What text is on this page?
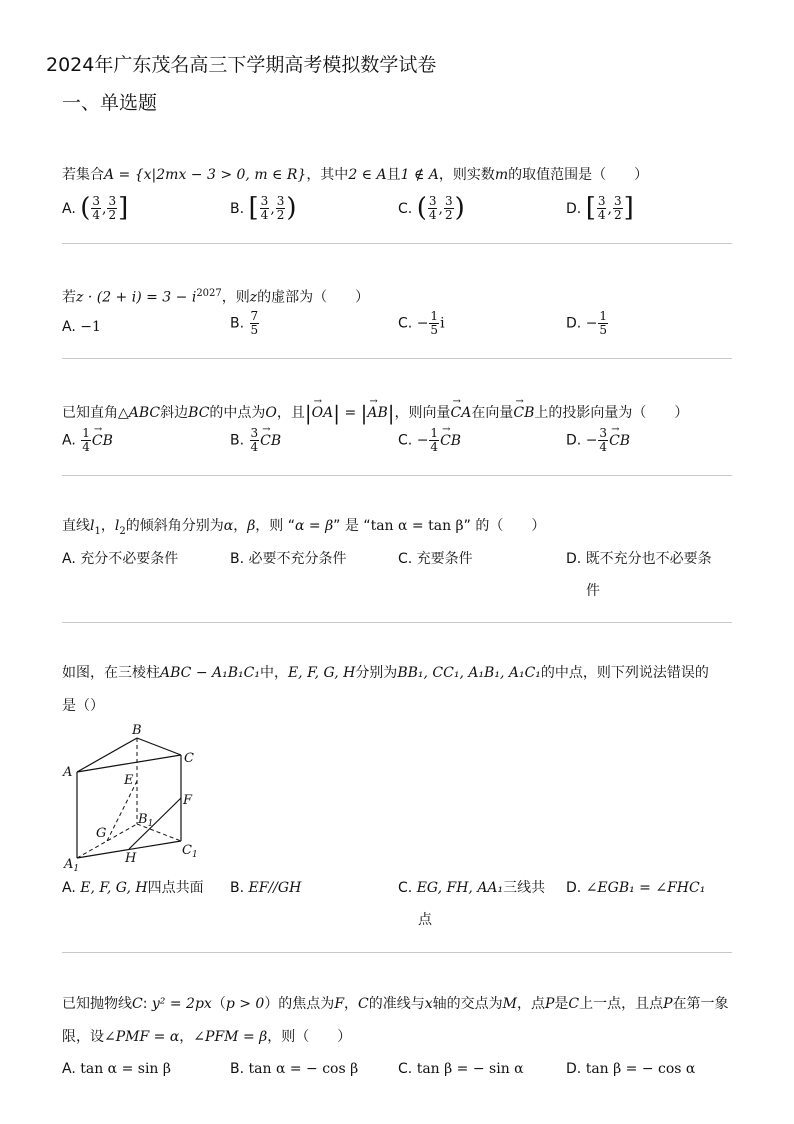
2024年广东茂名高三下学期高考模拟数学试卷
一、单选题
若集合A = {x|2mx − 3 > 0, m ∈ R}，其中2 ∈ A且1 ∉ A，则实数m的取值范围是（　　）
A. ( $\frac{3}{4}$ , $\frac{3}{2}$ ]	B. [ $\frac{3}{4}$ , $\frac{3}{2}$ )	C. ( $\frac{3}{4}$ , $\frac{3}{2}$ )	D. [ $\frac{3}{4}$ , $\frac{3}{2}$ ]
若$z \cdot (2 + i) = 3 - i^{2027}$，则z的虚部为（　　）
A. −1	B. $\frac{7}{5}$	C. − $\frac{1}{5}$ i	D. − $\frac{1}{5}$
已知直角△ABC斜边BC的中点为O，且|→ OA| = |→ AB|，则向量→ CA在向量→ CB上的投影向量为（　　）
A. $\frac{1}{4}$ → CB	B. $\frac{3}{4}$ → CB	C. − $\frac{1}{4}$ → CB	D. − $\frac{3}{4}$ → CB
直线$l_1$，$l_2$的倾斜角分别为α，β，则 “α = β” 是 “tan α = tan β” 的（　　）
A. 充分不必要条件	B. 必要不充分条件	C. 充要条件	D. 既不充分也不必要条
件
如图，在三棱柱ABC − A₁B₁C₁中，E, F, G, H分别为BB₁, CC₁, A₁B₁, A₁C₁的中点，则下列说法错误的
是（）
B
C
A
E
F
$B_1$
G
$C_1$
$A_1$
H
A. E, F, G, H四点共面 B. EF//GH	C. EG, FH, AA₁三线共
点
D. ∠EGB₁ = ∠FHC₁
已知抛物线C: y² = 2px（p > 0）的焦点为F，C的准线与x轴的交点为M，点P是C上一点，且点P在第一象
限，设∠PMF = α，∠PFM = β，则（　　）
A. tan α = sin β	B. tan α = − cos β	C. tan β = − sin α	D. tan β = − cos α
